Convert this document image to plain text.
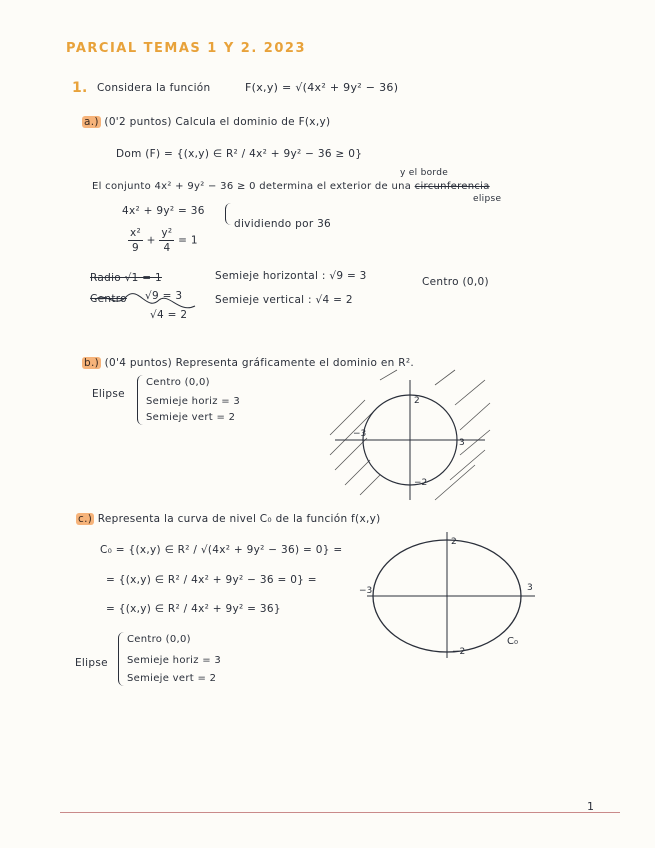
PARCIAL TEMAS 1 Y 2. 2023
1. Considera la función	F(x,y) = √(4x² + 9y² − 36)
a.) (0'2 puntos) Calcula el dominio de F(x,y)
Dom (F) = {(x,y) ∈ R² / 4x² + 9y² − 36 ≥ 0}
y el borde
El conjunto 4x² + 9y² − 36 ≥ 0 determina el exterior de una circunferencia
elipse
4x² + 9y² = 36
dividiendo por 36
$\frac{\text{x²}}{9} + \frac{\text{y²}}{4} = 1$
Radio √1 = 1	Semieje horizontal : √9 = 3	Centro (0,0)
Centro √9 = 3	Semieje vertical : √4 = 2
√4 = 2
b.) (0'4 puntos) Representa gráficamente el dominio en R².
Elipse
Centro (0,0)
Semieje horiz = 3
Semieje vert = 2
−3
3
2
−2
c.) Representa la curva de nivel C₀ de la función f(x,y)
C₀ = {(x,y) ∈ R² / √(4x² + 9y² − 36) = 0} =
= {(x,y) ∈ R² / 4x² + 9y² − 36 = 0} =
= {(x,y) ∈ R² / 4x² + 9y² = 36}
Elipse
Centro (0,0)
Semieje horiz = 3
Semieje vert = 2
−3	3
2
−2
C₀
1
